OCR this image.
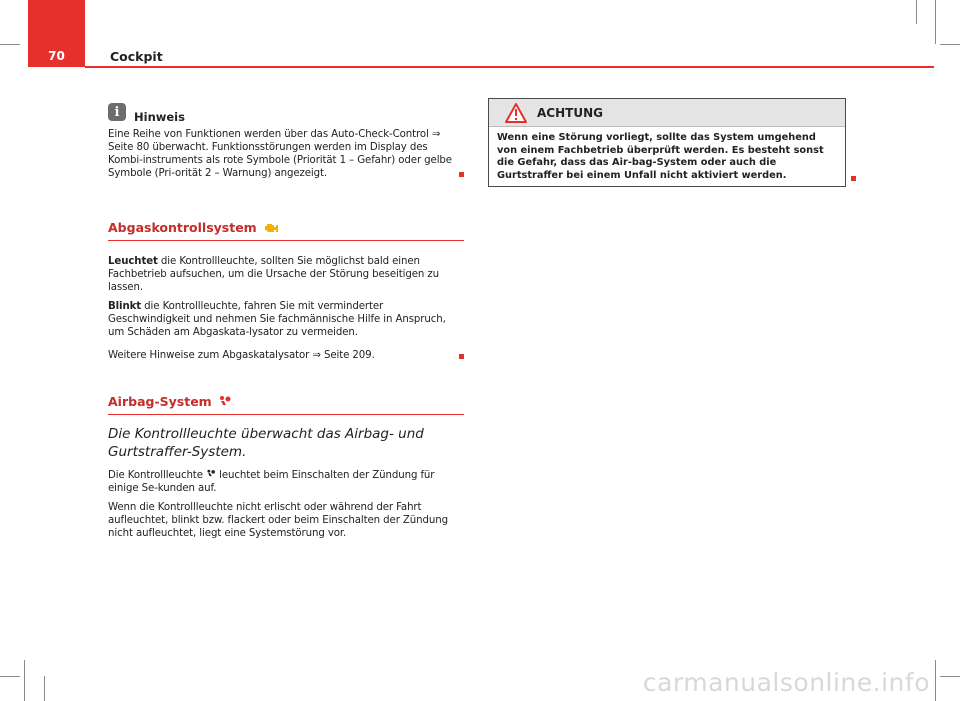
70	Cockpit
i	Hinweis
Eine Reihe von Funktionen werden über das Auto-Check-Control ⇒ Seite 80 überwacht. Funktionsstörungen werden im Display des Kombi-instruments als rote Symbole (Priorität 1 – Gefahr) oder gelbe Symbole (Pri-orität 2 – Warnung) angezeigt.
Abgaskontrollsystem
Leuchtet die Kontrollleuchte, sollten Sie möglichst bald einen Fachbetrieb aufsuchen, um die Ursache der Störung beseitigen zu lassen.
Blinkt die Kontrollleuchte, fahren Sie mit verminderter Geschwindigkeit und nehmen Sie fachmännische Hilfe in Anspruch, um Schäden am Abgaskata-lysator zu vermeiden.
Weitere Hinweise zum Abgaskatalysator ⇒ Seite 209.
Airbag-System
Die Kontrollleuchte überwacht das Airbag- und Gurtstraffer-System.
Die Kontrollleuchte  leuchtet beim Einschalten der Zündung für einige Se-kunden auf.
Wenn die Kontrollleuchte nicht erlischt oder während der Fahrt aufleuchtet, blinkt bzw. flackert oder beim Einschalten der Zündung nicht aufleuchtet, liegt eine Systemstörung vor.
ACHTUNG
Wenn eine Störung vorliegt, sollte das System umgehend von einem Fachbetrieb überprüft werden. Es besteht sonst die Gefahr, dass das Air-bag-System oder auch die Gurtstraffer bei einem Unfall nicht aktiviert werden.
carmanualsonline.info
